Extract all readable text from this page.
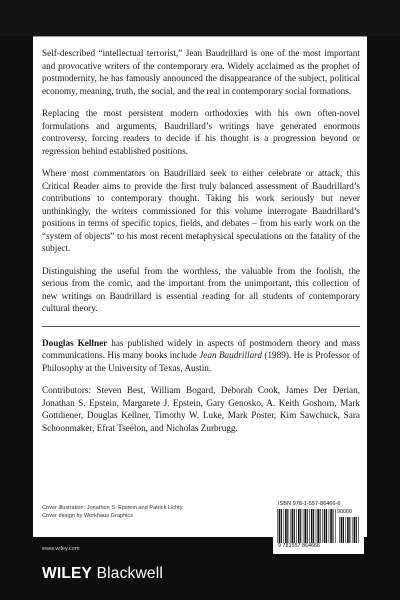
Self-described “intellectual terrorist,” Jean Baudrillard is one of the most important and provocative writers of the contemporary era. Widely acclaimed as the prophet of postmodernity, he has famously announced the disappearance of the subject, political economy, meaning, truth, the social, and the real in contemporary social formations.

Replacing the most persistent modern orthodoxies with his own often-novel formulations and arguments, Baudrillard’s writings have generated enormous controversy, forcing readers to decide if his thought is a progression beyond or regression behind established positions.

Where most commentators on Baudrillard seek to either celebrate or attack, this Critical Reader aims to provide the first truly balanced assessment of Baudrillard’s contributions to contemporary thought. Taking his work seriously but never unthinkingly, the writers commissioned for this volume interrogate Baudrillard’s positions in terms of specific topics, fields, and debates – from his early work on the “system of objects” to his most recent metaphysical speculations on the fatality of the subject.

Distinguishing the useful from the worthless, the valuable from the foolish, the serious from the comic, and the important from the unimportant, this collection of new writings on Baudrillard is essential reading for all students of contemporary cultural theory.

Douglas Kellner has published widely in aspects of postmodern theory and mass communications. His many books include Jean Baudrillard (1989). He is Professor of Philosophy at the University of Texas, Austin.

Contributors: Steven Best, William Bogard, Deborah Cook, James Der Derian, Jonathan S. Epstein, Margarete J. Epstein, Gary Genosko, A. Keith Goshorn, Mark Gottdiener, Douglas Kellner, Timothy W. Luke, Mark Poster, Kim Sawchuck, Sara Schoonmaker, Efrat Tseëlon, and Nicholas Zurbrugg.

Cover illustration: Jonathon S. Epstein and Patrick Lichty.
Cover design by Workhaus Graphics
www.wiley.com
WILEY Blackwell
ISBN 978-1-557-86466-6
90000
9 781557 864666
